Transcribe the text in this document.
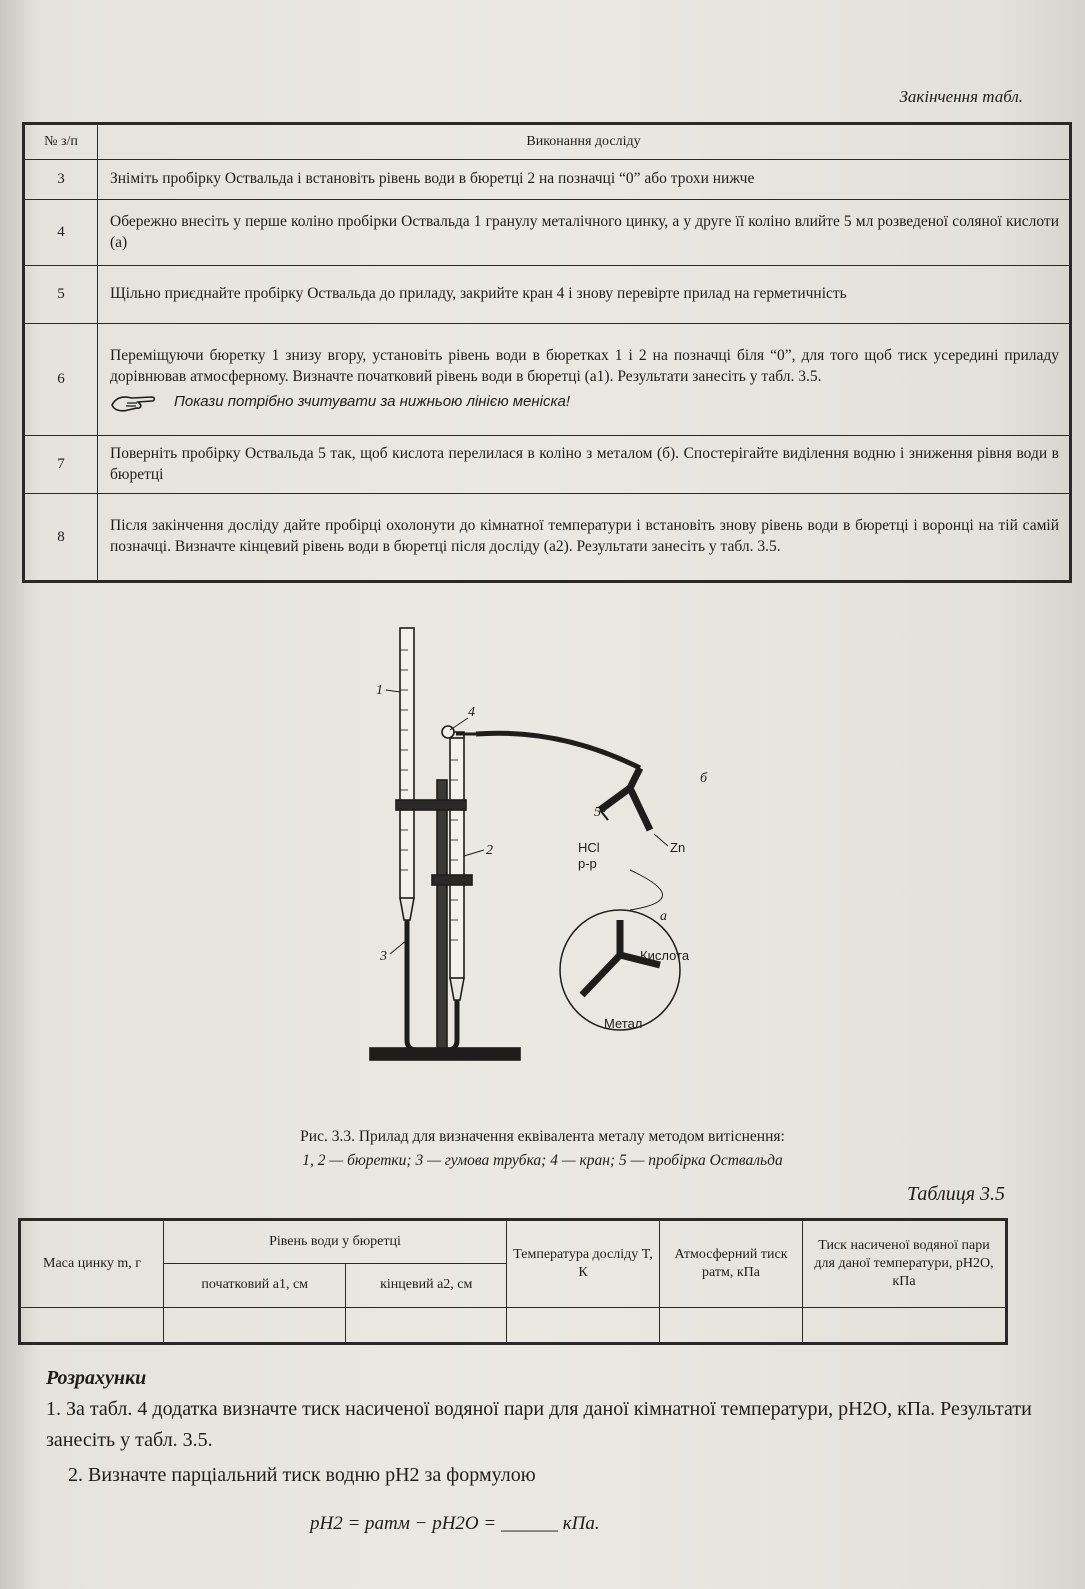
Закінчення табл.
№ з/п	Виконання досліду
3	Зніміть пробірку Оствальда і встановіть рівень води в бюретці 2 на позначці “0” або трохи нижче
4	Обережно внесіть у перше коліно пробірки Оствальда 1 гранулу металічного цинку, а у друге її коліно влийте 5 мл розведеної соляної кислоти (a)
5	Щільно приєднайте пробірку Оствальда до приладу, закрийте кран 4 і знову перевірте прилад на герметичність
6	Переміщуючи бюретку 1 знизу вгору, установіть рівень води в бюретках 1 і 2 на позначці біля “0”, для того щоб тиск усередині приладу дорівнював атмосферному. Визначте початковий рівень води в бюретці (a1). Результати занесіть у табл. 3.5.
Покази потрібно зчитувати за нижньою лінією меніска!

7	Поверніть пробірку Оствальда 5 так, щоб кислота перелилася в коліно з металом (б). Спостерігайте виділення водню і зниження рівня води в бюретці
8	Після закінчення досліду дайте пробірці охолонути до кімнатної температури і встановіть знову рівень води в бюретці і воронці на тій самій позначці. Визначте кінцевий рівень води в бюретці після досліду (a2). Результати занесіть у табл. 3.5.
1
4
2
3
5
б
а
HCl
р-р
Zn
Кислота
Метал
Рис. 3.3. Прилад для визначення еквівалента металу методом витіснення:
1, 2 — бюретки; 3 — гумова трубка; 4 — кран; 5 — пробірка Оствальда
Таблиця 3.5
Маса цинку m, г	Рівень води у бюретці		Температура досліду T, К	Атмосферний тиск pатм, кПа	Тиск насиченої водяної пари для даної температури, pH2O, кПа
	початковий a1, см	кінцевий a2, см			

Розрахунки
1. За табл. 4 додатка визначте тиск насиченої водяної пари для даної кімнатної температури, pH2O, кПа. Результати занесіть у табл. 3.5.
2. Визначте парціальний тиск водню pH2 за формулою
pH2 = pатм − pH2O = ______ кПа.
